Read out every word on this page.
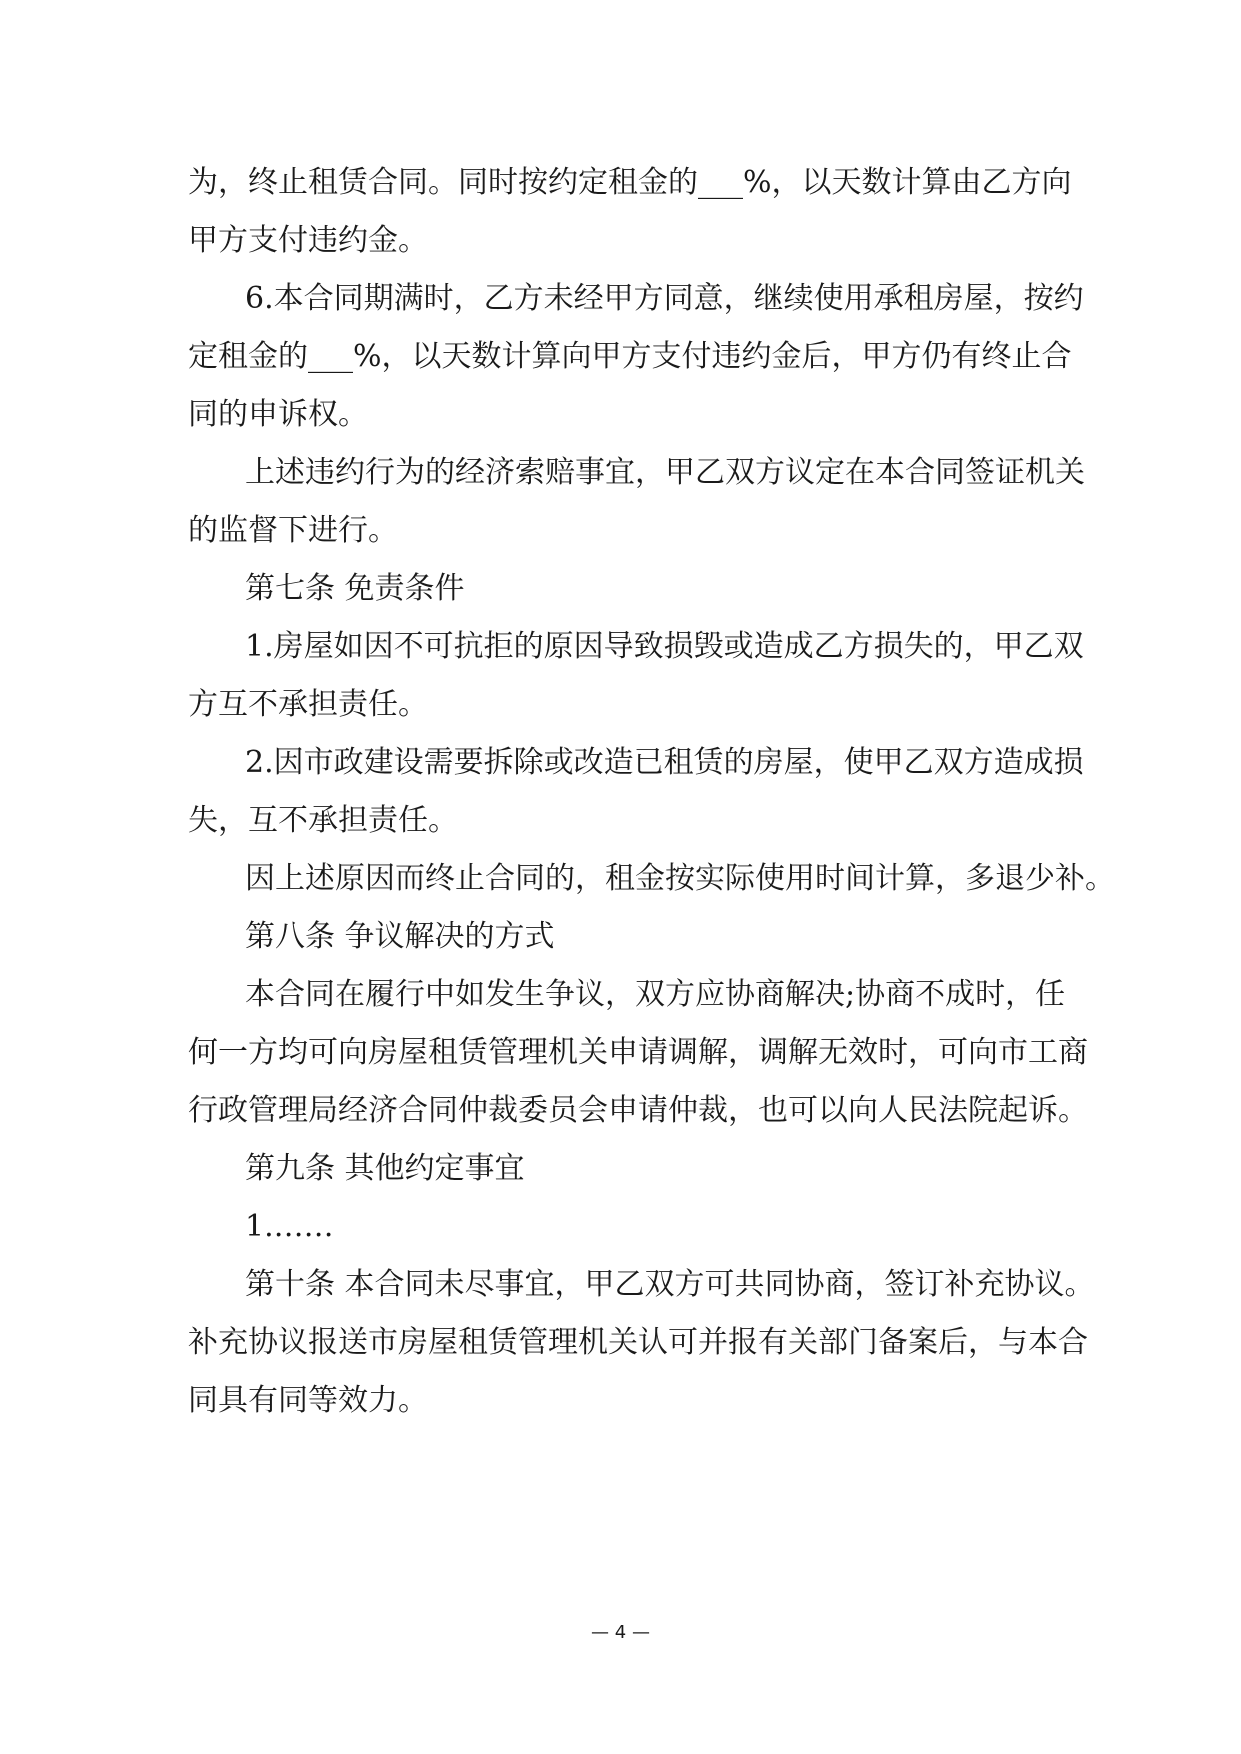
为，终止租赁合同。同时按约定租金的___%，以天数计算由乙方向
甲方支付违约金。
6.本合同期满时，乙方未经甲方同意，继续使用承租房屋，按约
定租金的___%，以天数计算向甲方支付违约金后，甲方仍有终止合
同的申诉权。
上述违约行为的经济索赔事宜，甲乙双方议定在本合同签证机关
的监督下进行。
第七条 免责条件
1.房屋如因不可抗拒的原因导致损毁或造成乙方损失的，甲乙双
方互不承担责任。
2.因市政建设需要拆除或改造已租赁的房屋，使甲乙双方造成损
失，互不承担责任。
因上述原因而终止合同的，租金按实际使用时间计算，多退少补。
第八条 争议解决的方式
本合同在履行中如发生争议，双方应协商解决;协商不成时，任
何一方均可向房屋租赁管理机关申请调解，调解无效时，可向市工商
行政管理局经济合同仲裁委员会申请仲裁，也可以向人民法院起诉。
第九条 其他约定事宜
1.……
第十条 本合同未尽事宜，甲乙双方可共同协商，签订补充协议。
补充协议报送市房屋租赁管理机关认可并报有关部门备案后，与本合
同具有同等效力。
— 4 —
